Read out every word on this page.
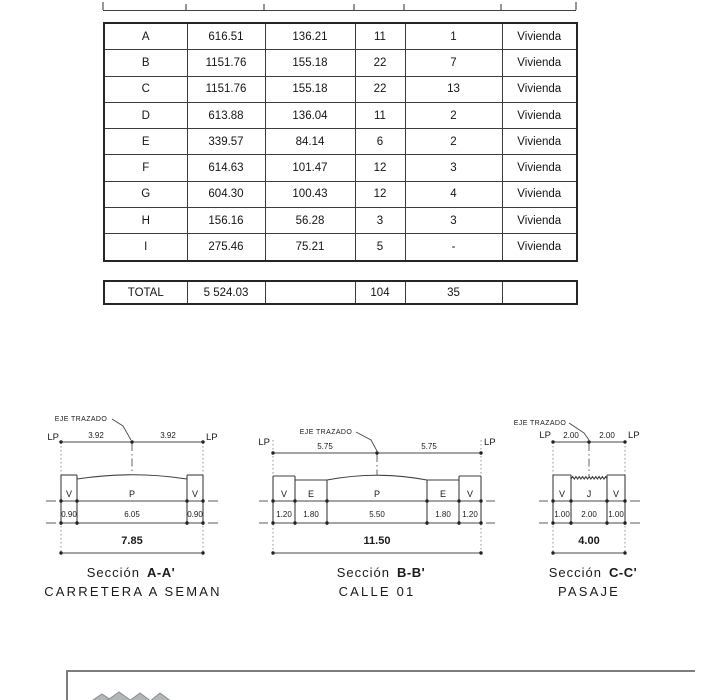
A	616.51	136.21	11	1	Vivienda
B	1151.76	155.18	22	7	Vivienda
C	1151.76	155.18	22	13	Vivienda
D	613.88	136.04	11	2	Vivienda
E	339.57	84.14	6	2	Vivienda
F	614.63	101.47	12	3	Vivienda
G	604.30	100.43	12	4	Vivienda
H	156.16	56.28	3	3	Vivienda
I	275.46	75.21	5	-	Vivienda
TOTAL	5 524.03		104	35	
EJE TRAZADO
LP	LP
3.92	3.92
V	P	V
0.90	6.05	0.90
7.85
Sección A-A'
CARRETERA A SEMAN
EJE TRAZADO
LP	LP
5.75	5.75
V E	P	E V
1.20 1.80	5.50	1.80 1.20
11.50
Sección B-B'
CALLE 01
EJE TRAZADO
LP	LP
2.00	2.00
V J V
1.00 2.00 1.00
4.00
Sección C-C'
PASAJE
